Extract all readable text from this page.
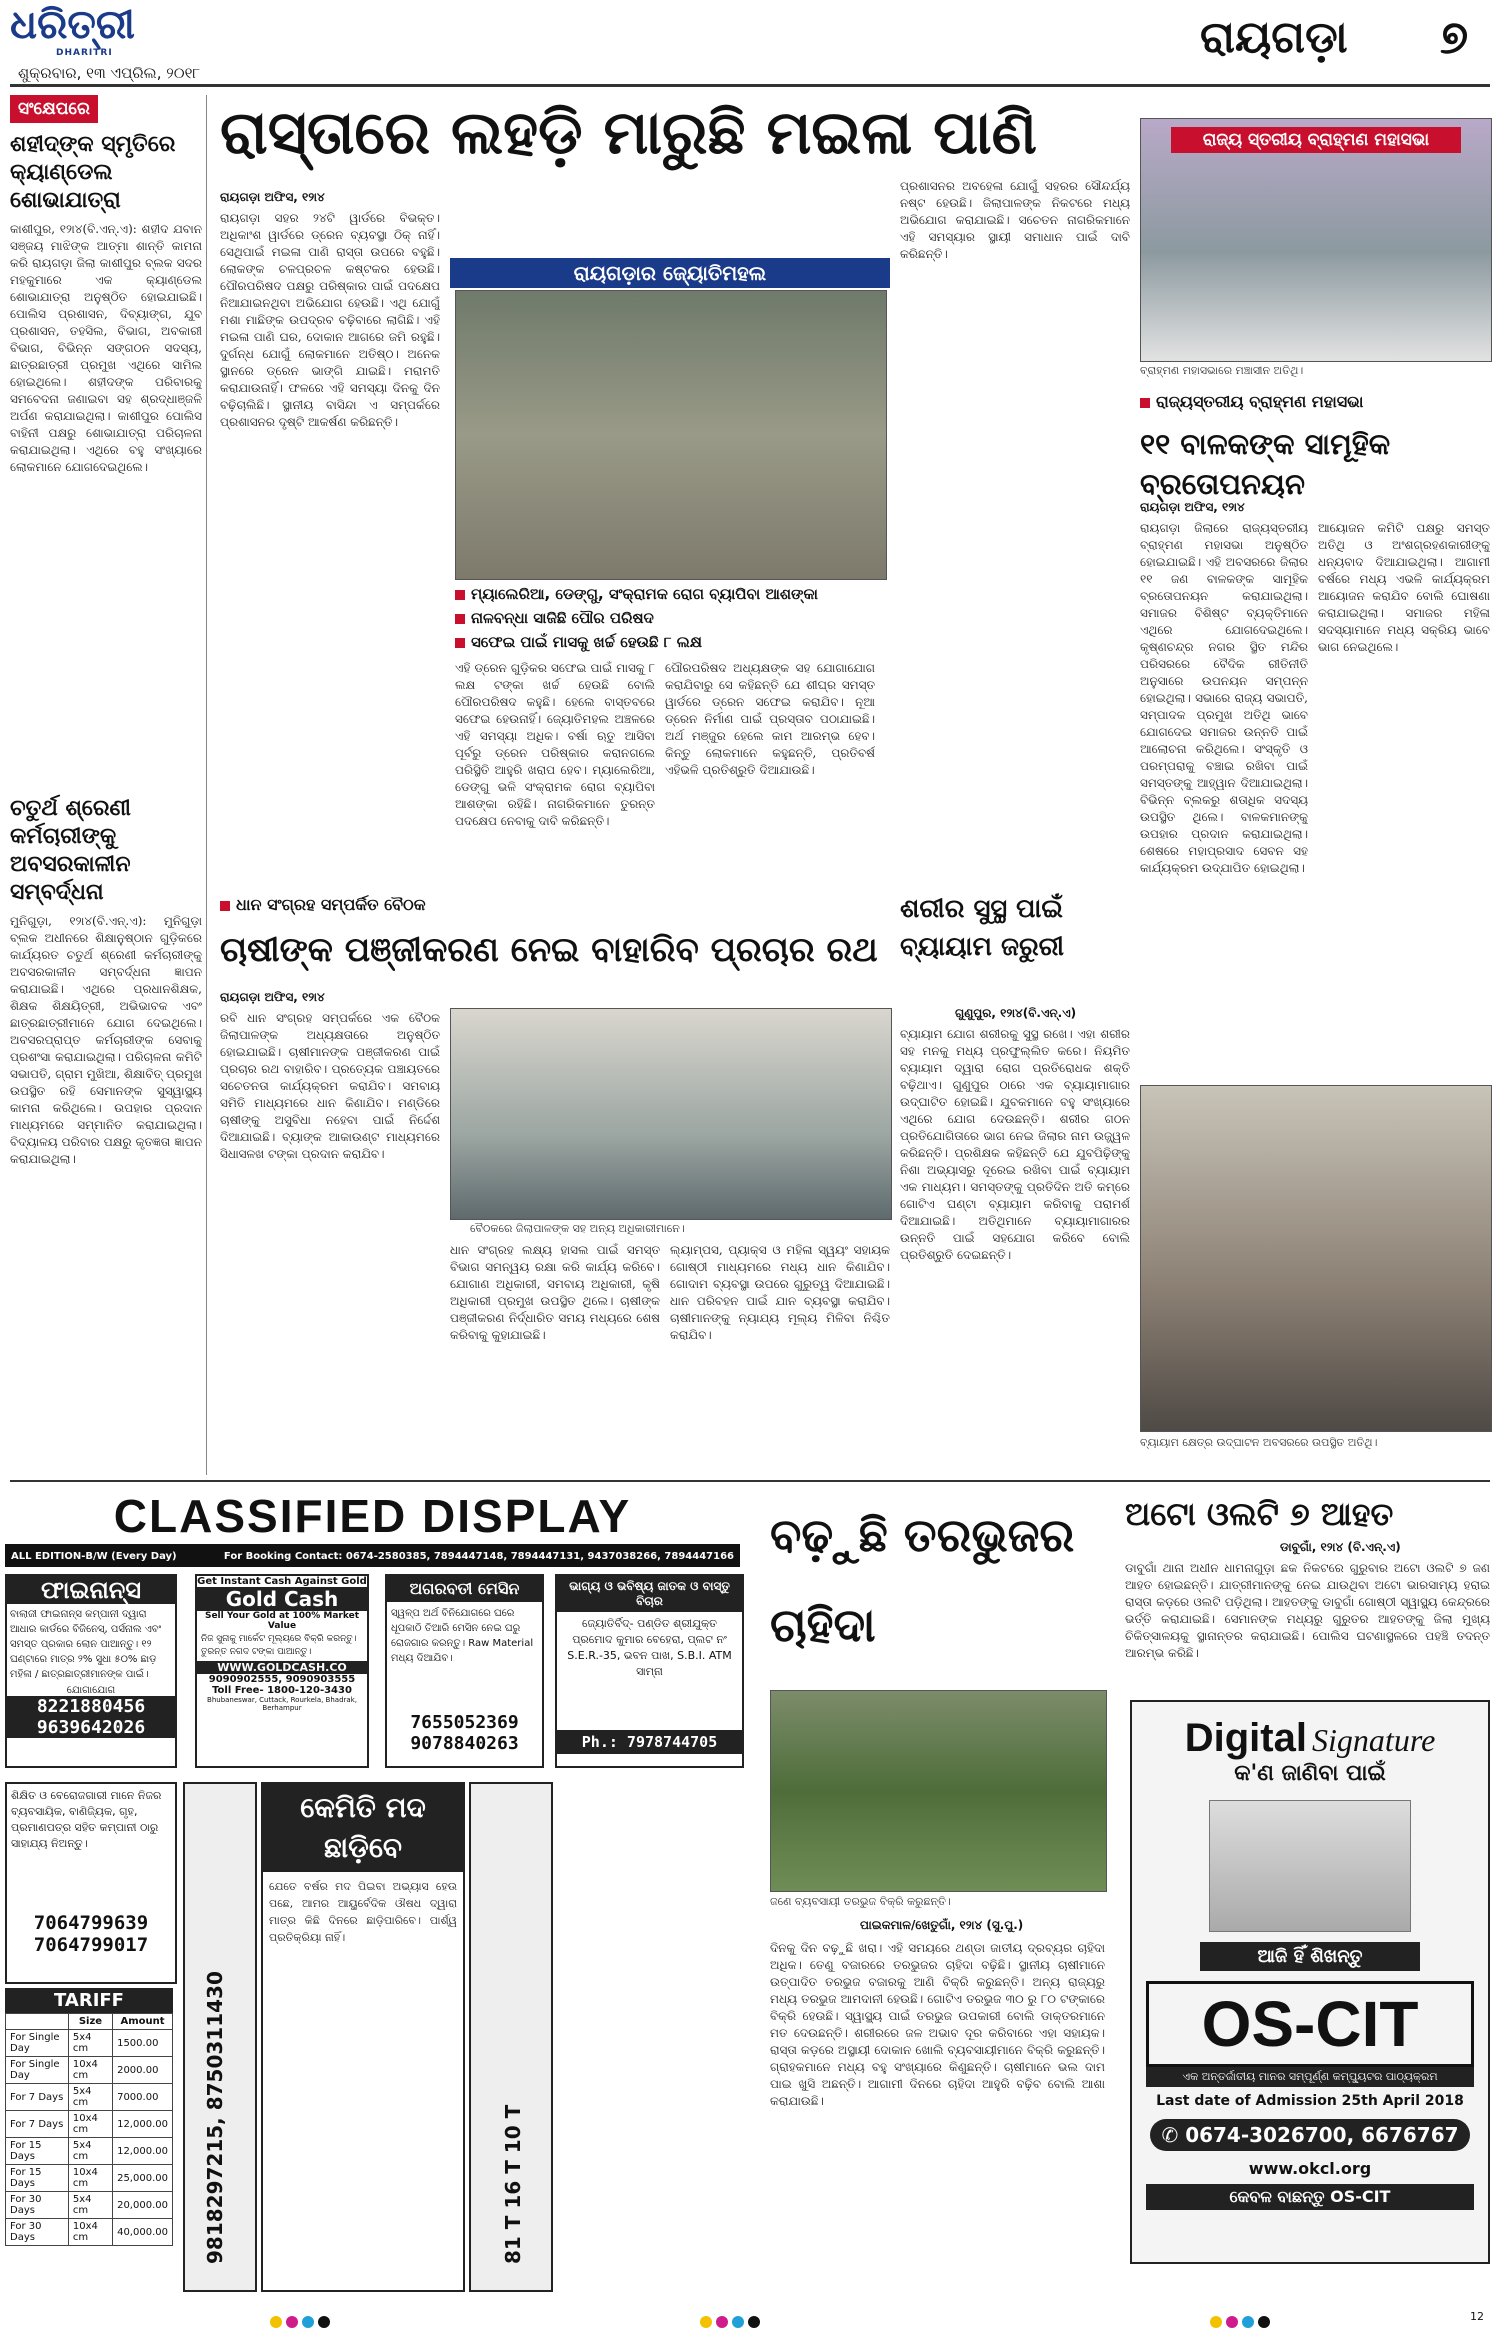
ଧରିତ୍ରୀ
DHARITRI
ଶୁକ୍ରବାର, ୧୩ ଏପ୍ରିଲ, ୨୦୧୮
ରାୟଗଡ଼ା ୭
ସଂକ୍ଷେପରେ
ଶହୀଦ୍‌ଙ୍କ ସ୍ମୃତିରେ କ୍ୟାଣ୍ଡେଲ ଶୋଭାଯାତ୍ରା
କାଶୀପୁର, ୧୨ା୪(ବି.ଏନ୍‌.ଏ): ଶହୀଦ ଯବାନ ସଞ୍ଜୟ ମାଝିଙ୍କ ଆତ୍ମା ଶାନ୍ତି କାମନା କରି ରାୟଗଡ଼ା ଜିଲା କାଶୀପୁର ବ୍ଲକ ସଦର ମହକୁମାରେ ଏକ କ୍ୟାଣ୍ଡେଲ ଶୋଭାଯାତ୍ରା ଅନୁଷ୍ଠିତ ହୋଇଯାଇଛି। ପୋଲିସ ପ୍ରଶାସନ, ଦିବ୍ୟାଙ୍ଗ, ଯୁବ ପ୍ରଶାସନ, ତହସିଲ, ବିଭାଗ, ଅବକାରୀ ବିଭାଗ, ବିଭିନ୍ନ ସଙ୍ଗଠନ ସଦସ୍ୟ, ଛାତ୍ରଛାତ୍ରୀ ପ୍ରମୁଖ ଏଥିରେ ସାମିଲ ହୋଇଥିଲେ। ଶହୀଦଙ୍କ ପରିବାରକୁ ସମବେଦନା ଜଣାଇବା ସହ ଶ୍ରଦ୍ଧାଞ୍ଜଳି ଅର୍ପଣ କରାଯାଇଥିଲା। କାଶୀପୁର ପୋଲିସ ବାହିନୀ ପକ୍ଷରୁ ଶୋଭାଯାତ୍ରା ପରିଚାଳନା କରାଯାଇଥିଲା। ଏଥିରେ ବହୁ ସଂଖ୍ୟାରେ ଲୋକମାନେ ଯୋଗଦେଇଥିଲେ।
ଚତୁର୍ଥ ଶ୍ରେଣୀ କର୍ମଚାରୀଙ୍କୁ ଅବସରକାଳୀନ ସମ୍ବର୍ଦ୍ଧନା
ମୁନିଗୁଡ଼ା, ୧୨ା୪(ବି.ଏନ୍‌.ଏ): ମୁନିଗୁଡ଼ା ବ୍ଲକ ଅଧୀନରେ ଶିକ୍ଷାନୁଷ୍ଠାନ ଗୁଡ଼ିକରେ କାର୍ଯ୍ୟରତ ଚତୁର୍ଥ ଶ୍ରେଣୀ କର୍ମଚାରୀଙ୍କୁ ଅବସରକାଳୀନ ସମ୍ବର୍ଦ୍ଧନା ଜ୍ଞାପନ କରାଯାଇଛି। ଏଥିରେ ପ୍ରଧାନଶିକ୍ଷକ, ଶିକ୍ଷକ ଶିକ୍ଷୟିତ୍ରୀ, ଅଭିଭାବକ ଏବଂ ଛାତ୍ରଛାତ୍ରୀମାନେ ଯୋଗ ଦେଇଥିଲେ। ଅବସରପ୍ରାପ୍ତ କର୍ମଚାରୀଙ୍କ ସେବାକୁ ପ୍ରଶଂସା କରାଯାଇଥିଲା। ପରିଚାଳନା କମିଟି ସଭାପତି, ଗ୍ରାମ ମୁଖିଆ, ଶିକ୍ଷାବିତ୍ ପ୍ରମୁଖ ଉପସ୍ଥିତ ରହି ସେମାନଙ୍କ ସୁସ୍ୱାସ୍ଥ୍ୟ କାମନା କରିଥିଲେ। ଉପହାର ପ୍ରଦାନ ମାଧ୍ୟମରେ ସମ୍ମାନିତ କରାଯାଇଥିଲା। ବିଦ୍ୟାଳୟ ପରିବାର ପକ୍ଷରୁ କୃତଜ୍ଞତା ଜ୍ଞାପନ କରାଯାଇଥିଲା।
ରାସ୍ତାରେ ଲହଡ଼ି ମାରୁଛି ମଇଳା ପାଣି
ରାୟଗଡ଼ା ଅଫିସ, ୧୨ା୪
ରାୟଗଡ଼ା ସହର ୨୪ଟି ୱାର୍ଡରେ ବିଭକ୍ତ। ଅଧିକାଂଶ ୱାର୍ଡରେ ଡ୍ରେନ ବ୍ୟବସ୍ଥା ଠିକ୍ ନାହିଁ। ସେଥିପାଇଁ ମଇଳା ପାଣି ରାସ୍ତା ଉପରେ ବହୁଛି। ଲୋକଙ୍କ ଚଳପ୍ରଚଳ କଷ୍ଟକର ହେଉଛି। ପୌରପରିଷଦ ପକ୍ଷରୁ ପରିଷ୍କାର ପାଇଁ ପଦକ୍ଷେପ ନିଆଯାଇନଥିବା ଅଭିଯୋଗ ହେଉଛି। ଏଥି ଯୋଗୁଁ ମଶା ମାଛିଙ୍କ ଉପଦ୍ରବ ବଢ଼ିବାରେ ଲାଗିଛି। ଏହି ମଇଳା ପାଣି ଘର, ଦୋକାନ ଆଗରେ ଜମି ରହୁଛି। ଦୁର୍ଗନ୍ଧ ଯୋଗୁଁ ଲୋକମାନେ ଅତିଷ୍ଠ। ଅନେକ ସ୍ଥାନରେ ଡ୍ରେନ ଭାଙ୍ଗି ଯାଇଛି। ମରାମତି କରାଯାଉନାହିଁ। ଫଳରେ ଏହି ସମସ୍ୟା ଦିନକୁ ଦିନ ବଢ଼ିଚାଲିଛି। ସ୍ଥାନୀୟ ବାସିନ୍ଦା ଏ ସମ୍ପର୍କରେ ପ୍ରଶାସନର ଦୃଷ୍ଟି ଆକର୍ଷଣ କରିଛନ୍ତି।
ରାୟଗଡ଼ାର ଜ୍ୟୋତିମହଲ
ମ୍ୟାଲେରିଆ, ଡେଙ୍ଗୁ, ସଂକ୍ରାମକ ରୋଗ ବ୍ୟାପିବା ଆଶଙ୍କା
ନାଳବନ୍ଧା ସାଜିଛି ପୌର ପରିଷଦ
ସଫେଇ ପାଇଁ ମାସକୁ ଖର୍ଚ୍ଚ ହେଉଛି ୮ ଲକ୍ଷ
ଏହି ଡ୍ରେନ ଗୁଡ଼ିକର ସଫେଇ ପାଇଁ ମାସକୁ ୮ ଲକ୍ଷ ଟଙ୍କା ଖର୍ଚ୍ଚ ହେଉଛି ବୋଲି ପୌରପରିଷଦ କହୁଛି। ହେଲେ ବାସ୍ତବରେ ସଫେଇ ହେଉନାହିଁ। ଜ୍ୟୋତିମହଲ ଅଞ୍ଚଳରେ ଏହି ସମସ୍ୟା ଅଧିକ। ବର୍ଷା ଋତୁ ଆସିବା ପୂର୍ବରୁ ଡ୍ରେନ ପରିଷ୍କାର କରାନଗଲେ ପରିସ୍ଥିତି ଆହୁରି ଖରାପ ହେବ। ମ୍ୟାଲେରିଆ, ଡେଙ୍ଗୁ ଭଳି ସଂକ୍ରାମକ ରୋଗ ବ୍ୟାପିବା ଆଶଙ୍କା ରହିଛି। ନାଗରିକମାନେ ତୁରନ୍ତ ପଦକ୍ଷେପ ନେବାକୁ ଦାବି କରିଛନ୍ତି।
ପୌରପରିଷଦ ଅଧ୍ୟକ୍ଷଙ୍କ ସହ ଯୋଗାଯୋଗ କରାଯିବାରୁ ସେ କହିଛନ୍ତି ଯେ ଶୀଘ୍ର ସମସ୍ତ ୱାର୍ଡରେ ଡ୍ରେନ ସଫେଇ କରାଯିବ। ନୂଆ ଡ୍ରେନ ନିର୍ମାଣ ପାଇଁ ପ୍ରସ୍ତାବ ପଠାଯାଇଛି। ଅର୍ଥ ମଞ୍ଜୁର ହେଲେ କାମ ଆରମ୍ଭ ହେବ। କିନ୍ତୁ ଲୋକମାନେ କହୁଛନ୍ତି, ପ୍ରତିବର୍ଷ ଏହିଭଳି ପ୍ରତିଶ୍ରୁତି ଦିଆଯାଉଛି।
ପ୍ରଶାସନର ଅବହେଳା ଯୋଗୁଁ ସହରର ସୌନ୍ଦର୍ଯ୍ୟ ନଷ୍ଟ ହେଉଛି। ଜିଲାପାଳଙ୍କ ନିକଟରେ ମଧ୍ୟ ଅଭିଯୋଗ କରାଯାଇଛି। ସଚେତନ ନାଗରିକମାନେ ଏହି ସମସ୍ୟାର ସ୍ଥାୟୀ ସମାଧାନ ପାଇଁ ଦାବି କରିଛନ୍ତି।
ରାଜ୍ୟ ସ୍ତରୀୟ ବ୍ରାହ୍ମଣ ମହାସଭା
ବ୍ରାହ୍ମଣ ମହାସଭାରେ ମଞ୍ଚାସୀନ ଅତିଥି।
ରାଜ୍ୟସ୍ତରୀୟ ବ୍ରାହ୍ମଣ ମହାସଭା
୧୧ ବାଳକଙ୍କ ସାମୂହିକ ବ୍ରତୋପନୟନ
ରାୟଗଡ଼ା ଅଫିସ, ୧୨ା୪
ରାୟଗଡ଼ା ଜିଲାରେ ରାଜ୍ୟସ୍ତରୀୟ ବ୍ରାହ୍ମଣ ମହାସଭା ଅନୁଷ୍ଠିତ ହୋଇଯାଇଛି। ଏହି ଅବସରରେ ଜିଲାର ୧୧ ଜଣ ବାଳକଙ୍କ ସାମୂହିକ ବ୍ରତୋପନୟନ କରାଯାଇଥିଲା। ସମାଜର ବିଶିଷ୍ଟ ବ୍ୟକ୍ତିମାନେ ଏଥିରେ ଯୋଗଦେଇଥିଲେ। କୃଷ୍ଣଚନ୍ଦ୍ର ନଗର ସ୍ଥିତ ମନ୍ଦିର ପରିସରରେ ବୈଦିକ ରୀତିନୀତି ଅନୁସାରେ ଉପନୟନ ସମ୍ପନ୍ନ ହୋଇଥିଲା। ସଭାରେ ରାଜ୍ୟ ସଭାପତି, ସମ୍ପାଦକ ପ୍ରମୁଖ ଅତିଥି ଭାବେ ଯୋଗଦେଇ ସମାଜର ଉନ୍ନତି ପାଇଁ ଆଲୋଚନା କରିଥିଲେ। ସଂସ୍କୃତି ଓ ପରମ୍ପରାକୁ ବଞ୍ଚାଇ ରଖିବା ପାଇଁ ସମସ୍ତଙ୍କୁ ଆହ୍ୱାନ ଦିଆଯାଇଥିଲା। ବିଭିନ୍ନ ବ୍ଲକରୁ ଶତାଧିକ ସଦସ୍ୟ ଉପସ୍ଥିତ ଥିଲେ। ବାଳକମାନଙ୍କୁ ଉପହାର ପ୍ରଦାନ କରାଯାଇଥିଲା। ଶେଷରେ ମହାପ୍ରସାଦ ସେବନ ସହ କାର୍ଯ୍ୟକ୍ରମ ଉଦ୍‌ଯାପିତ ହୋଇଥିଲା।
ଆୟୋଜନ କମିଟି ପକ୍ଷରୁ ସମସ୍ତ ଅତିଥି ଓ ଅଂଶଗ୍ରହଣକାରୀଙ୍କୁ ଧନ୍ୟବାଦ ଦିଆଯାଇଥିଲା। ଆଗାମୀ ବର୍ଷରେ ମଧ୍ୟ ଏଭଳି କାର୍ଯ୍ୟକ୍ରମ ଆୟୋଜନ କରାଯିବ ବୋଲି ଘୋଷଣା କରାଯାଇଥିଲା। ସମାଜର ମହିଳା ସଦସ୍ୟାମାନେ ମଧ୍ୟ ସକ୍ରିୟ ଭାବେ ଭାଗ ନେଇଥିଲେ।
ଧାନ ସଂଗ୍ରହ ସମ୍ପର୍କିତ ବୈଠକ
ଚାଷୀଙ୍କ ପଞ୍ଜୀକରଣ ନେଇ ବାହାରିବ ପ୍ରଚାର ରଥ
ରାୟଗଡ଼ା ଅଫିସ, ୧୨ା୪
ରବି ଧାନ ସଂଗ୍ରହ ସମ୍ପର୍କରେ ଏକ ବୈଠକ ଜିଲାପାଳଙ୍କ ଅଧ୍ୟକ୍ଷତାରେ ଅନୁଷ୍ଠିତ ହୋଇଯାଇଛି। ଚାଷୀମାନଙ୍କ ପଞ୍ଜୀକରଣ ପାଇଁ ପ୍ରଚାର ରଥ ବାହାରିବ। ପ୍ରତ୍ୟେକ ପଞ୍ଚାୟତରେ ସଚେତନତା କାର୍ଯ୍ୟକ୍ରମ କରାଯିବ। ସମବାୟ ସମିତି ମାଧ୍ୟମରେ ଧାନ କିଣାଯିବ। ମଣ୍ଡିରେ ଚାଷୀଙ୍କୁ ଅସୁବିଧା ନହେବା ପାଇଁ ନିର୍ଦ୍ଦେଶ ଦିଆଯାଇଛି। ବ୍ୟାଙ୍କ ଆକାଉଣ୍ଟ ମାଧ୍ୟମରେ ସିଧାସଳଖ ଟଙ୍କା ପ୍ରଦାନ କରାଯିବ।
ବୈଠକରେ ଜିଲାପାଳଙ୍କ ସହ ଅନ୍ୟ ଅଧିକାରୀମାନେ।
ଧାନ ସଂଗ୍ରହ ଲକ୍ଷ୍ୟ ହାସଲ ପାଇଁ ସମସ୍ତ ବିଭାଗ ସମନ୍ୱୟ ରକ୍ଷା କରି କାର୍ଯ୍ୟ କରିବେ। ଯୋଗାଣ ଅଧିକାରୀ, ସମବାୟ ଅଧିକାରୀ, କୃଷି ଅଧିକାରୀ ପ୍ରମୁଖ ଉପସ୍ଥିତ ଥିଲେ। ଚାଷୀଙ୍କ ପଞ୍ଜୀକରଣ ନିର୍ଦ୍ଧାରିତ ସମୟ ମଧ୍ୟରେ ଶେଷ କରିବାକୁ କୁହାଯାଇଛି।
ଲ୍ୟାମ୍ପସ, ପ୍ୟାକ୍ସ ଓ ମହିଳା ସ୍ୱୟଂ ସହାୟକ ଗୋଷ୍ଠୀ ମାଧ୍ୟମରେ ମଧ୍ୟ ଧାନ କିଣାଯିବ। ଗୋଦାମ ବ୍ୟବସ୍ଥା ଉପରେ ଗୁରୁତ୍ୱ ଦିଆଯାଇଛି। ଧାନ ପରିବହନ ପାଇଁ ଯାନ ବ୍ୟବସ୍ଥା କରାଯିବ। ଚାଷୀମାନଙ୍କୁ ନ୍ୟାଯ୍ୟ ମୂଲ୍ୟ ମିଳିବା ନିଶ୍ଚିତ କରାଯିବ।
ଶରୀର ସୁସ୍ଥ ପାଇଁ ବ୍ୟାୟାମ ଜରୁରୀ
ଗୁଣୁପୁର, ୧୨ା୪(ବି.ଏନ୍‌.ଏ)
ବ୍ୟାୟାମ ଯୋଗ ଶରୀରକୁ ସୁସ୍ଥ ରଖେ। ଏହା ଶରୀର ସହ ମନକୁ ମଧ୍ୟ ପ୍ରଫୁଲ୍ଲିତ କରେ। ନିୟମିତ ବ୍ୟାୟାମ ଦ୍ୱାରା ରୋଗ ପ୍ରତିରୋଧକ ଶକ୍ତି ବଢ଼ିଥାଏ। ଗୁଣୁପୁର ଠାରେ ଏକ ବ୍ୟାୟାମାଗାର ଉଦ୍‌ଘାଟିତ ହୋଇଛି। ଯୁବକମାନେ ବହୁ ସଂଖ୍ୟାରେ ଏଥିରେ ଯୋଗ ଦେଉଛନ୍ତି। ଶରୀର ଗଠନ ପ୍ରତିଯୋଗିତାରେ ଭାଗ ନେଇ ଜିଲାର ନାମ ଉଜ୍ଜ୍ୱଳ କରିଛନ୍ତି। ପ୍ରଶିକ୍ଷକ କହିଛନ୍ତି ଯେ ଯୁବପିଢ଼ିଙ୍କୁ ନିଶା ଅଭ୍ୟାସରୁ ଦୂରେଇ ରଖିବା ପାଇଁ ବ୍ୟାୟାମ ଏକ ମାଧ୍ୟମ। ସମସ୍ତଙ୍କୁ ପ୍ରତିଦିନ ଅତି କମ୍‌ରେ ଗୋଟିଏ ଘଣ୍ଟା ବ୍ୟାୟାମ କରିବାକୁ ପରାମର୍ଶ ଦିଆଯାଇଛି। ଅତିଥିମାନେ ବ୍ୟାୟାମାଗାରର ଉନ୍ନତି ପାଇଁ ସହଯୋଗ କରିବେ ବୋଲି ପ୍ରତିଶ୍ରୁତି ଦେଇଛନ୍ତି।
ବ୍ୟାୟାମ କ୍ଷେତ୍ର ଉଦ୍‌ଘାଟନ ଅବସରରେ ଉପସ୍ଥିତ ଅତିଥି।
CLASSIFIED DISPLAY
ALL EDITION-B/W (Every Day)	For Booking Contact: 0674-2580385, 7894447148, 7894447131, 9437038266, 7894447166
ଫାଇନାନ୍ସ
ବାଲାଜୀ ଫାଇନାନ୍ସ କମ୍ପାନୀ ଦ୍ୱାରା ଆଧାର କାର୍ଡରେ ବିଜିନେସ୍, ପର୍ସନାଲ ଏବଂ ସମସ୍ତ ପ୍ରକାର ଲୋନ ପାଆନ୍ତୁ। ୧୨ ଘଣ୍ଟାରେ ମାତ୍ର ୨% ସୁଧା ୫୦% ଛାଡ଼ ମହିଳା / ଛାତ୍ରଛାତ୍ରୀମାନଙ୍କ ପାଇଁ।
ଯୋଗାଯୋଗ
8221880456
9639642026
Get Instant Cash Against Gold
Gold Cash
Sell Your Gold at 100% Market Value
ନିଜ ସୁନାକୁ ମାର୍କେଟ ମୂଲ୍ୟରେ ବିକ୍ରି କରନ୍ତୁ। ତୁରନ୍ତ ନଗଦ ଟଙ୍କା ପାଆନ୍ତୁ।
WWW.GOLDCASH.CO
9090902555, 9090903555
Toll Free- 1800-120-3430
Bhubaneswar, Cuttack, Rourkela, Bhadrak, Berhampur
ଅଗରବତୀ ମେସିନ
ସ୍ୱଳ୍ପ ଅର୍ଥ ବିନିଯୋଗରେ ଘରେ ଧୂପକାଠି ତିଆରି ମେସିନ ନେଇ ଘରୁ ରୋଜଗାର କରନ୍ତୁ। Raw Material ମଧ୍ୟ ଦିଆଯିବ।
7655052369
9078840263
ଭାଗ୍ୟ ଓ ଭବିଷ୍ୟ ଜାତକ ଓ ବାସ୍ତୁ ବିଚାର
ଜ୍ୟୋତିର୍ବିଦ୍- ପଣ୍ଡିତ ଶ୍ରୀଯୁକ୍ତ ପ୍ରମୋଦ କୁମାର ବେହେରା, ପ୍ଲଟ ନଂ S.E.R.-35, ଭବନ ପାଖ, S.B.I. ATM ସାମ୍ନା
Ph.: 7978744705
ଶିକ୍ଷିତ ଓ ବେରୋଜଗାରୀ ମାନେ ନିଜର ବ୍ୟବସାୟିକ, ବାଣିଜ୍ୟିକ, ଗୃହ, ପ୍ରମାଣପତ୍ର ସହିତ କମ୍ପାନୀ ଠାରୁ ସାହାଯ୍ୟ ନିଅନ୍ତୁ।
7064799639
7064799017
TARIFF
	Size	Amount
For Single Day	5x4 cm	1500.00
For Single Day	10x4 cm	2000.00
For 7 Days	5x4 cm	7000.00
For 7 Days	10x4 cm	12,000.00
For 15 Days	5x4 cm	12,000.00
For 15 Days	10x4 cm	25,000.00
For 30 Days	5x4 cm	20,000.00
For 30 Days	10x4 cm	40,000.00 9818297215, 8750311430
କେମିତି ମଦ ଛାଡ଼ିବେ
ଯେତେ ବର୍ଷର ମଦ ପିଇବା ଅଭ୍ୟାସ ହେଉ ପଛେ, ଆମର ଆୟୁର୍ବେଦିକ ଔଷଧ ଦ୍ୱାରା ମାତ୍ର କିଛି ଦିନରେ ଛାଡ଼ିପାରିବେ। ପାର୍ଶ୍ୱ ପ୍ରତିକ୍ରିୟା ନାହିଁ।
81 T 16 T 10 T
ବଢ଼ୁଛି ତରଭୁଜର ଚାହିଦା
ଜଣେ ବ୍ୟବସାୟୀ ତରଭୁଜ ବିକ୍ରି କରୁଛନ୍ତି।
ପାଇକମାଳ/ଖେତୁଗାଁ, ୧୨ା୪ (ସୁ.ପୁ.)
ଦିନକୁ ଦିନ ବଢ଼ୁଛି ଖରା। ଏହି ସମୟରେ ଥଣ୍ଡା ଜାତୀୟ ଦ୍ରବ୍ୟର ଚାହିଦା ଅଧିକ। ତେଣୁ ବଜାରରେ ତରଭୁଜର ଚାହିଦା ବଢ଼ିଛି। ସ୍ଥାନୀୟ ଚାଷୀମାନେ ଉତ୍ପାଦିତ ତରଭୁଜ ବଜାରକୁ ଆଣି ବିକ୍ରି କରୁଛନ୍ତି। ଅନ୍ୟ ରାଜ୍ୟରୁ ମଧ୍ୟ ତରଭୁଜ ଆମଦାନୀ ହେଉଛି। ଗୋଟିଏ ତରଭୁଜ ୩୦ ରୁ ୮୦ ଟଙ୍କାରେ ବିକ୍ରି ହେଉଛି। ସ୍ୱାସ୍ଥ୍ୟ ପାଇଁ ତରଭୁଜ ଉପକାରୀ ବୋଲି ଡାକ୍ତରମାନେ ମତ ଦେଉଛନ୍ତି। ଶରୀରରେ ଜଳ ଅଭାବ ଦୂର କରିବାରେ ଏହା ସହାୟକ। ରାସ୍ତା କଡ଼ରେ ଅସ୍ଥାୟୀ ଦୋକାନ ଖୋଲି ବ୍ୟବସାୟୀମାନେ ବିକ୍ରି କରୁଛନ୍ତି। ଗ୍ରାହକମାନେ ମଧ୍ୟ ବହୁ ସଂଖ୍ୟାରେ କିଣୁଛନ୍ତି। ଚାଷୀମାନେ ଭଲ ଦାମ ପାଇ ଖୁସି ଅଛନ୍ତି। ଆଗାମୀ ଦିନରେ ଚାହିଦା ଆହୁରି ବଢ଼ିବ ବୋଲି ଆଶା କରାଯାଉଛି।
ଅଟୋ ଓଲଟି ୭ ଆହତ
ଡାବୁଗାଁ, ୧୨ା୪ (ବି.ଏନ୍‌.ଏ)
ଡାବୁଗାଁ ଥାନା ଅଧୀନ ଧାମନାଗୁଡ଼ା ଛକ ନିକଟରେ ଗୁରୁବାର ଅଟୋ ଓଲଟି ୭ ଜଣ ଆହତ ହୋଇଛନ୍ତି। ଯାତ୍ରୀମାନଙ୍କୁ ନେଇ ଯାଉଥିବା ଅଟୋ ଭାରସାମ୍ୟ ହରାଇ ରାସ୍ତା କଡ଼ରେ ଓଲଟି ପଡ଼ିଥିଲା। ଆହତଙ୍କୁ ଡାବୁଗାଁ ଗୋଷ୍ଠୀ ସ୍ୱାସ୍ଥ୍ୟ କେନ୍ଦ୍ରରେ ଭର୍ତ୍ତି କରାଯାଇଛି। ସେମାନଙ୍କ ମଧ୍ୟରୁ ଗୁରୁତର ଆହତଙ୍କୁ ଜିଲା ମୁଖ୍ୟ ଚିକିତ୍ସାଳୟକୁ ସ୍ଥାନାନ୍ତର କରାଯାଇଛି। ପୋଲିସ ଘଟଣାସ୍ଥଳରେ ପହଞ୍ଚି ତଦନ୍ତ ଆରମ୍ଭ କରିଛି।
Digital Signature
କ'ଣ ଜାଣିବା ପାଇଁ
ଆଜି ହିଁ ଶିଖନ୍ତୁ
OS-CIT
ଏକ ଅନ୍ତର୍ଜାତୀୟ ମାନର ସମ୍ପୂର୍ଣ୍ଣ କମ୍ପ୍ୟୁଟର ପାଠ୍ୟକ୍ରମ
Last date of Admission 25th April 2018
✆ 0674-3026700, 6676767
www.okcl.org
କେବଳ ବାଛନ୍ତୁ OS-CIT
12
